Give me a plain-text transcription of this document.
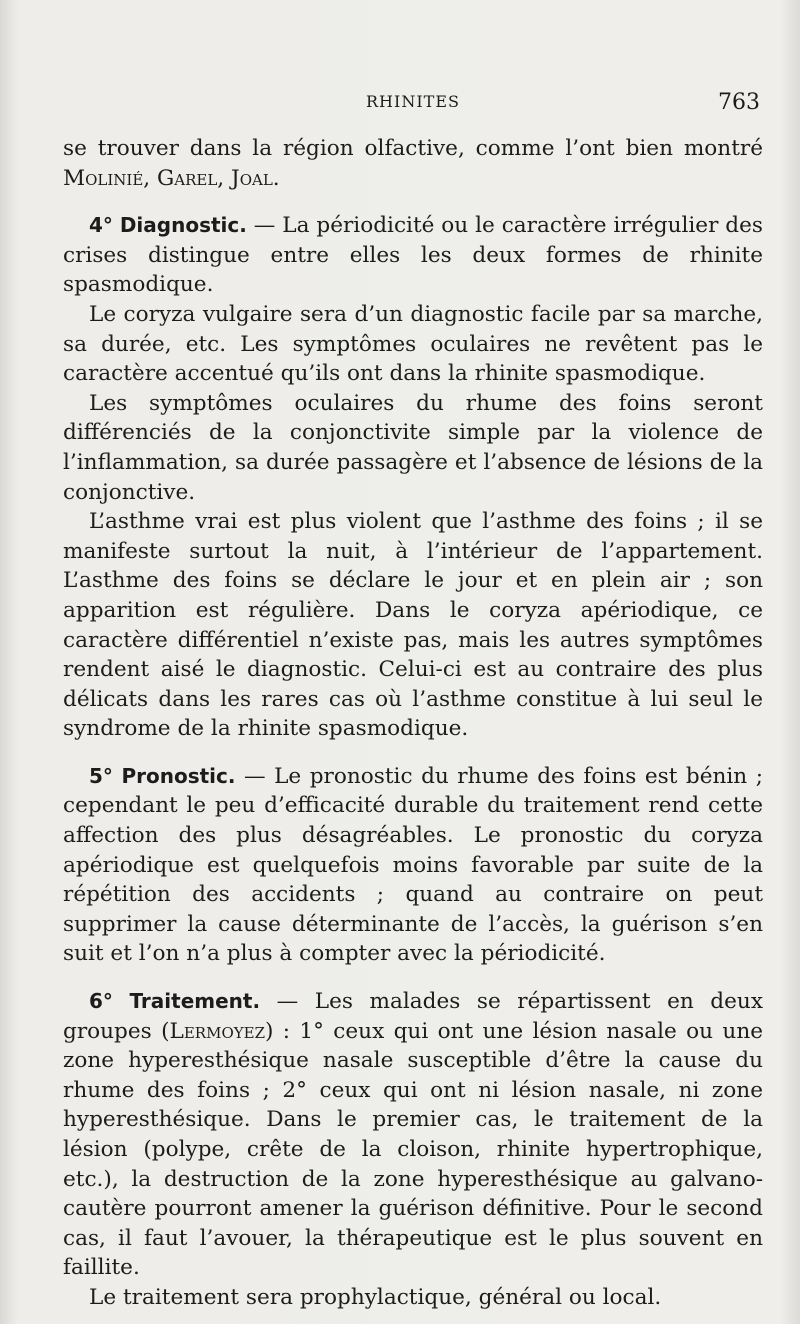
RHINITES	763

se trouver dans la région olfactive, comme l’ont bien montré Molinié, Garel, Joal.

4° Diagnostic. — La périodicité ou le caractère irrégulier des crises distingue entre elles les deux formes de rhinite spasmodique.

Le coryza vulgaire sera d’un diagnostic facile par sa marche, sa durée, etc. Les symptômes oculaires ne revêtent pas le caractère accentué qu’ils ont dans la rhinite spasmodique.

Les symptômes oculaires du rhume des foins seront différenciés de la conjonctivite simple par la violence de l’inflammation, sa durée passagère et l’absence de lésions de la conjonctive.

L’asthme vrai est plus violent que l’asthme des foins ; il se manifeste surtout la nuit, à l’intérieur de l’appartement. L’asthme des foins se déclare le jour et en plein air ; son apparition est régulière. Dans le coryza apériodique, ce caractère différentiel n’existe pas, mais les autres symptômes rendent aisé le diagnostic. Celui-ci est au contraire des plus délicats dans les rares cas où l’asthme constitue à lui seul le syndrome de la rhinite spasmodique.

5° Pronostic. — Le pronostic du rhume des foins est bénin ; cependant le peu d’efficacité durable du traitement rend cette affection des plus désagréables. Le pronostic du coryza apériodique est quelquefois moins favorable par suite de la répétition des accidents ; quand au contraire on peut supprimer la cause déterminante de l’accès, la guérison s’en suit et l’on n’a plus à compter avec la périodicité.

6° Traitement. — Les malades se répartissent en deux groupes (Lermoyez) : 1° ceux qui ont une lésion nasale ou une zone hyperesthésique nasale susceptible d’être la cause du rhume des foins ; 2° ceux qui ont ni lésion nasale, ni zone hyperesthésique. Dans le premier cas, le traitement de la lésion (polype, crête de la cloison, rhinite hypertrophique, etc.), la destruction de la zone hyperesthésique au galvano-cautère pourront amener la guérison définitive. Pour le second cas, il faut l’avouer, la thérapeutique est le plus souvent en faillite.

Le traitement sera prophylactique, général ou local.
